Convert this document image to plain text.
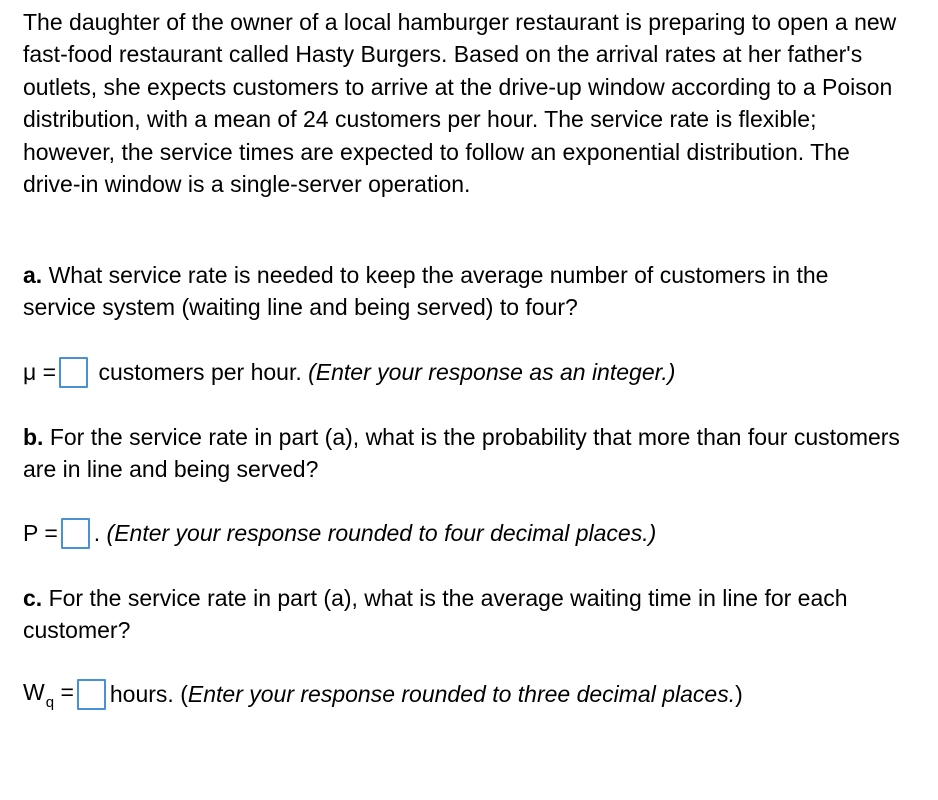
The daughter of the owner of a local hamburger restaurant is preparing to open a new fast-food restaurant called Hasty Burgers. Based on the arrival rates at her father's outlets, she expects customers to arrive at the drive-up window according to a Poison distribution, with a mean of 24 customers per hour. The service rate is flexible; however, the service times are expected to follow an exponential distribution. The drive-in window is a single-server operation.

a. What service rate is needed to keep the average number of customers in the service system (waiting line and being served) to four?

μ =
customers per hour.
(Enter your response as an integer.)

b. For the service rate in part (a), what is the probability that more than four customers are in line and being served?

P = .
(Enter your response rounded to four decimal places.)

c. For the service rate in part (a), what is the average waiting time in line for each customer?

$W_q$ = hours.
( Enter your response rounded to three decimal places. )
